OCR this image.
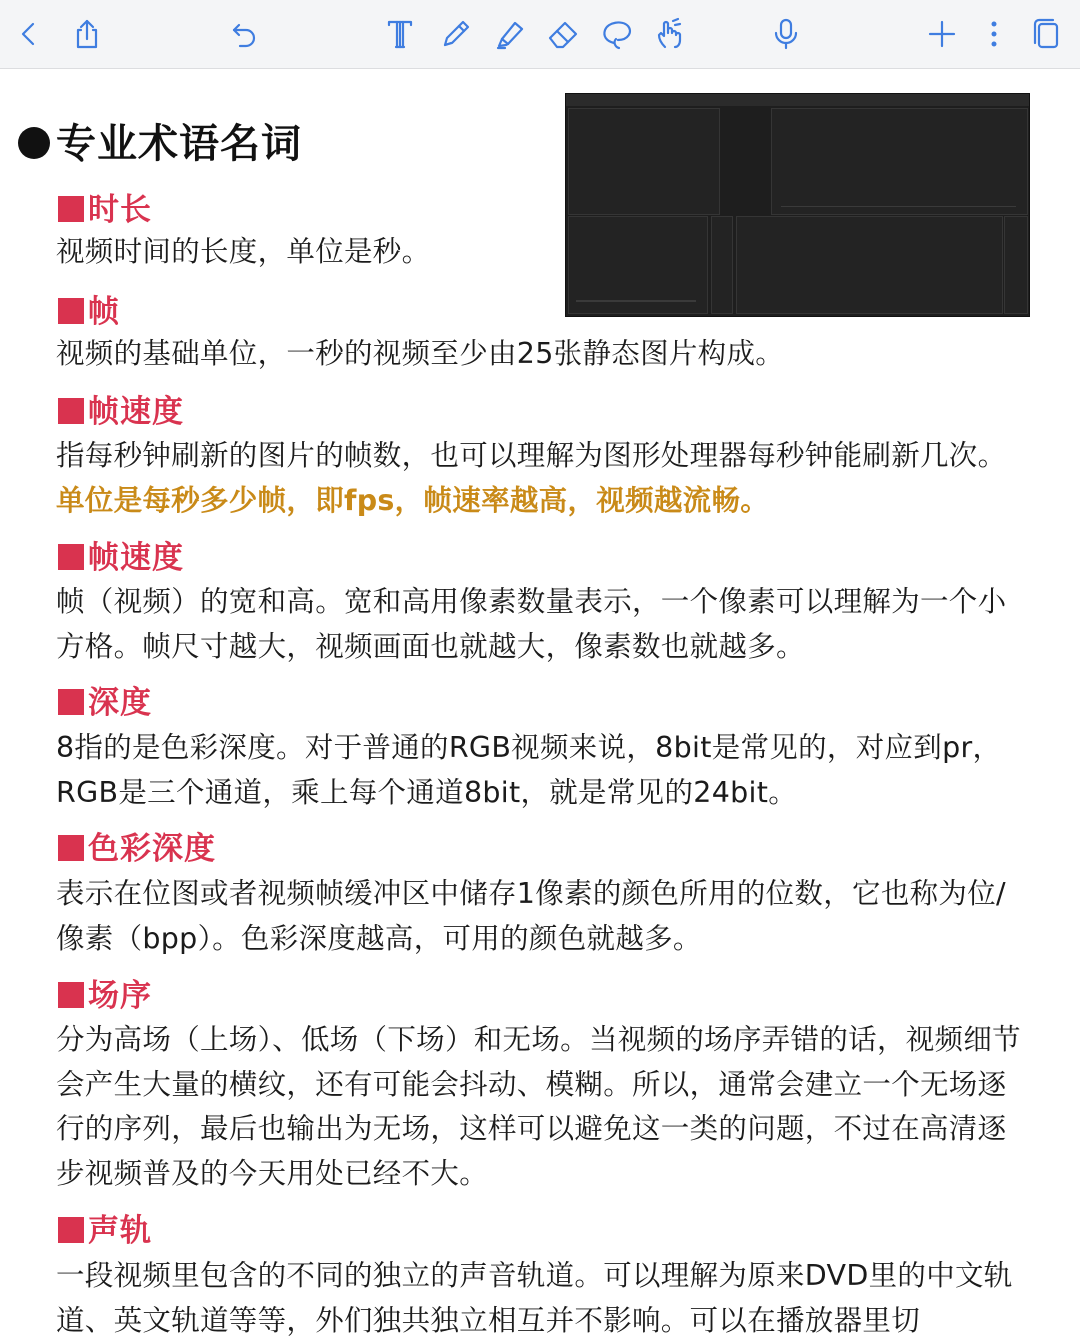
专业术语名词
时长
视频时间的长度，单位是秒。
帧
视频的基础单位，一秒的视频至少由25张静态图片构成。
帧速度
指每秒钟刷新的图片的帧数，也可以理解为图形处理器每秒钟能刷新几次。单位是每秒多少帧，即fps，帧速率越高，视频越流畅。
帧速度
帧（视频）的宽和高。宽和高用像素数量表示，一个像素可以理解为一个小方格。帧尺寸越大，视频画面也就越大，像素数也就越多。
深度
8指的是色彩深度。对于普通的RGB视频来说，8bit是常见的，对应到pr， RGB是三个通道，乘上每个通道8bit，就是常见的24bit。
色彩深度
表示在位图或者视频帧缓冲区中储存1像素的颜色所用的位数，它也称为位/像素（bpp）。色彩深度越高，可用的颜色就越多。
场序
分为高场（上场）、低场（下场）和无场。当视频的场序弄错的话，视频细节会产生大量的横纹，还有可能会抖动、模糊。所以，通常会建立一个无场逐行的序列，最后也输出为无场，这样可以避免这一类的问题，不过在高清逐步视频普及的今天用处已经不大。
声轨
一段视频里包含的不同的独立的声音轨道。可以理解为原来DVD里的中文轨道、英文轨道等等，外们独共独立相互并不影响。可以在播放器里切
